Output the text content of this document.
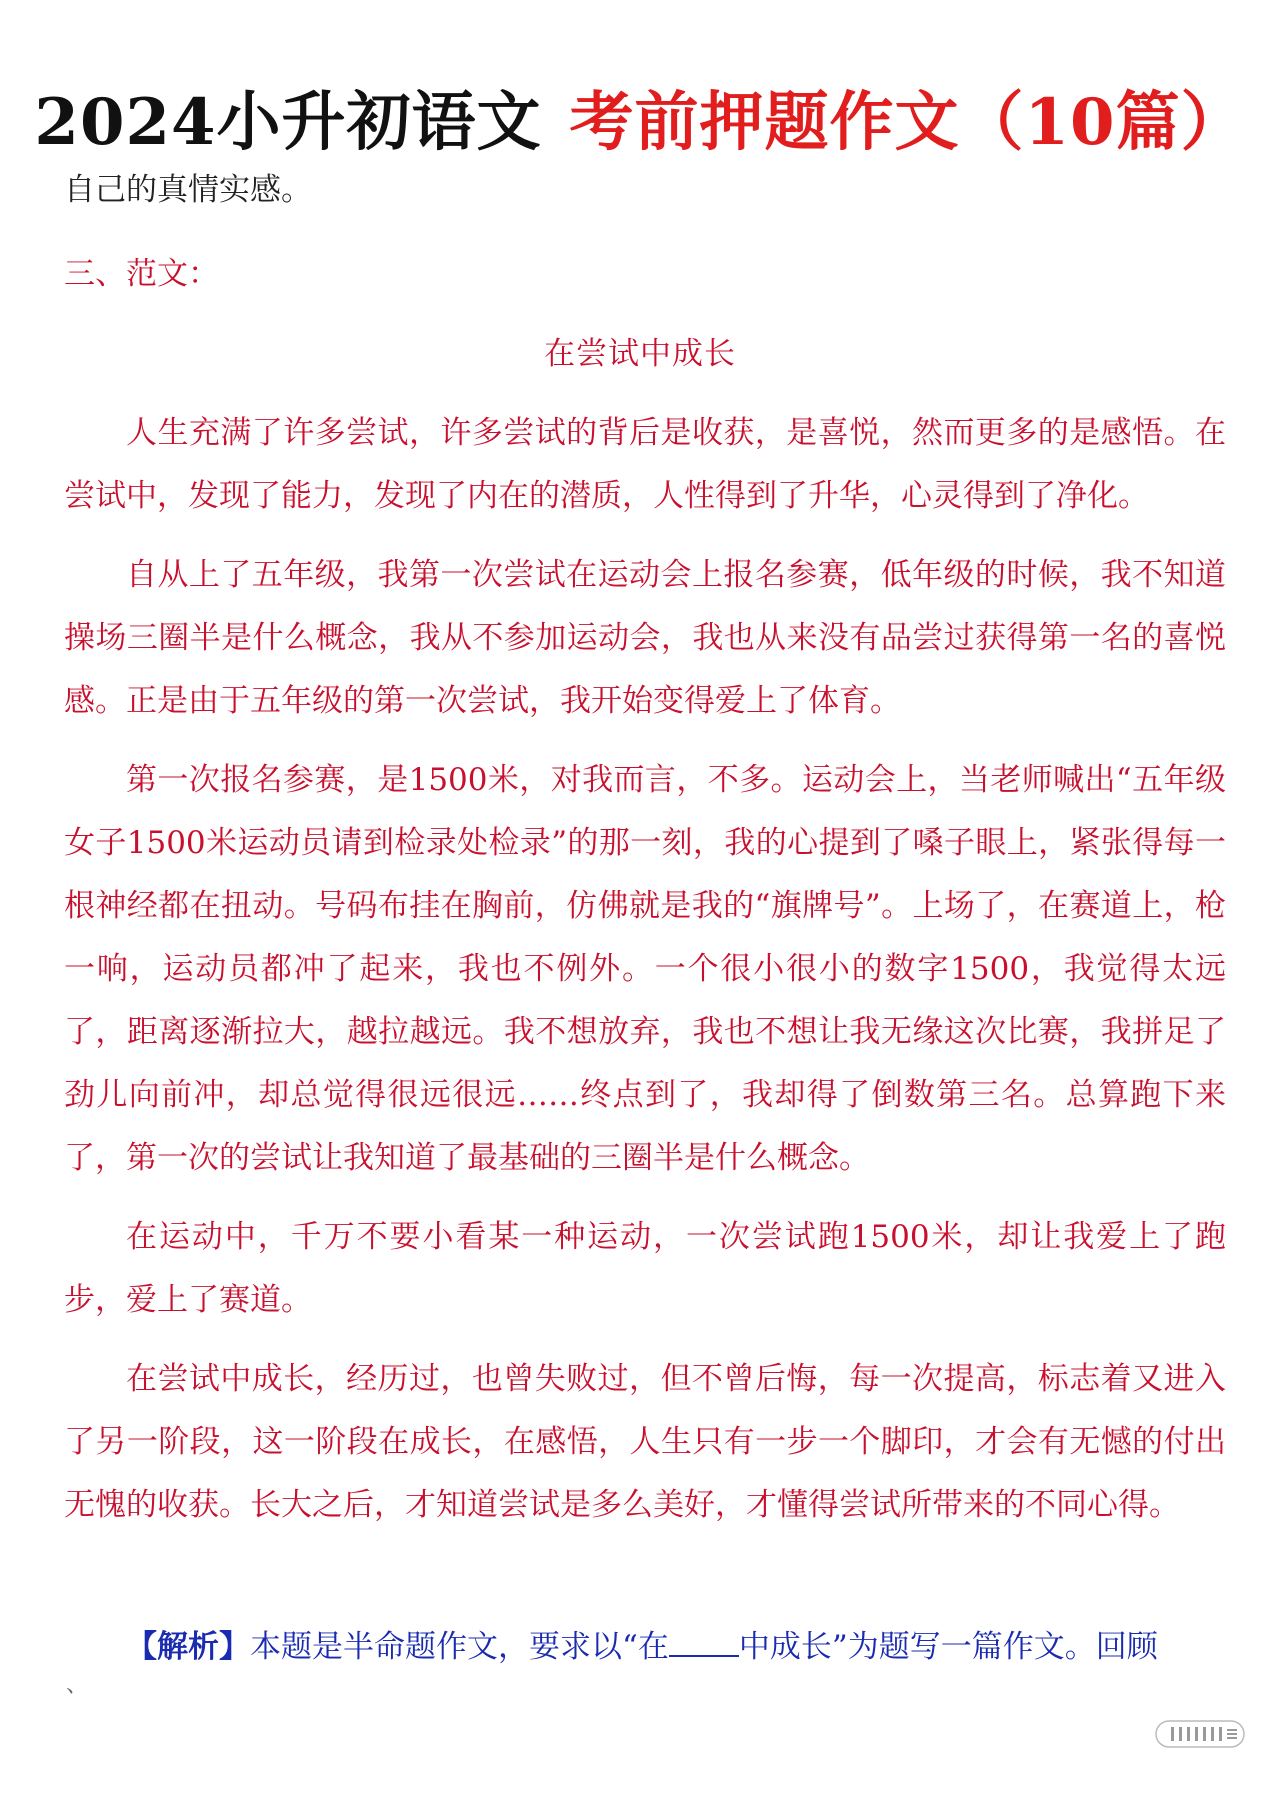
2024小升初语文 考前押题作文（10篇）
自己的真情实感。
三、范文：
在尝试中成长

人生充满了许多尝试，许多尝试的背后是收获，是喜悦，然而更多的是感悟。在尝试中，发现了能力，发现了内在的潜质，人性得到了升华，心灵得到了净化。

自从上了五年级，我第一次尝试在运动会上报名参赛，低年级的时候，我不知道操场三圈半是什么概念，我从不参加运动会，我也从来没有品尝过获得第一名的喜悦感。正是由于五年级的第一次尝试，我开始变得爱上了体育。

第一次报名参赛，是1500米，对我而言，不多。运动会上，当老师喊出“五年级女子1500米运动员请到检录处检录”的那一刻，我的心提到了嗓子眼上，紧张得每一根神经都在扭动。号码布挂在胸前，仿佛就是我的“旗牌号”。上场了，在赛道上，枪一响，运动员都冲了起来，我也不例外。一个很小很小的数字1500，我觉得太远了，距离逐渐拉大，越拉越远。我不想放弃，我也不想让我无缘这次比赛，我拼足了劲儿向前冲，却总觉得很远很远……终点到了，我却得了倒数第三名。总算跑下来了，第一次的尝试让我知道了最基础的三圈半是什么概念。

在运动中，千万不要小看某一种运动，一次尝试跑1500米，却让我爱上了跑步，爱上了赛道。

在尝试中成长，经历过，也曾失败过，但不曾后悔，每一次提高，标志着又进入了另一阶段，这一阶段在成长，在感悟，人生只有一步一个脚印，才会有无憾的付出无愧的收获。长大之后，才知道尝试是多么美好，才懂得尝试所带来的不同心得。

【解析】本题是半命题作文，要求以“在 中成长”为题写一篇作文。回顾
、
